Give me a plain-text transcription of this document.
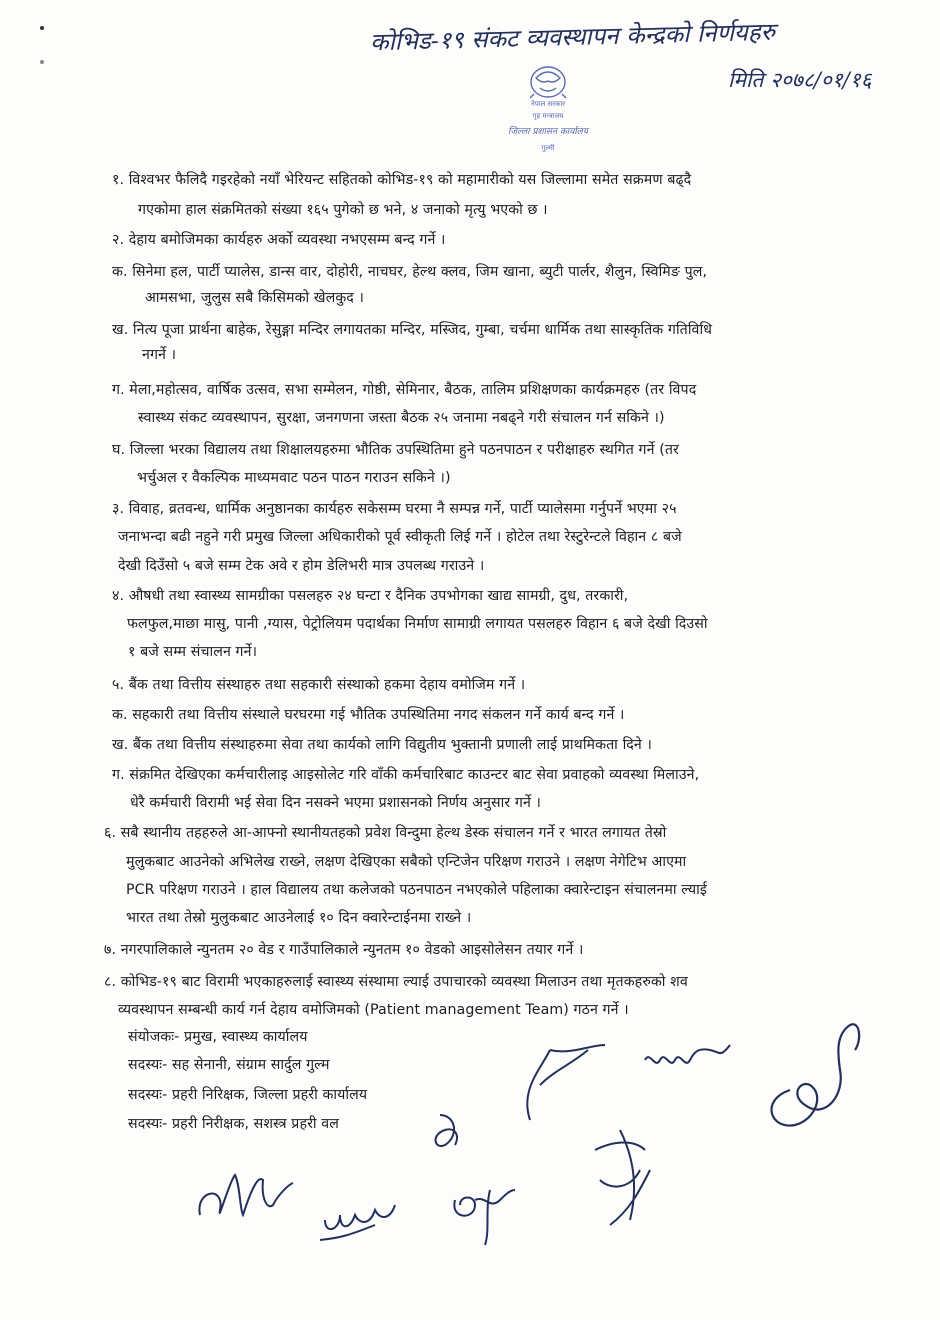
कोभिड-१९ संकट व्यवस्थापन केन्द्रको निर्णयहरु
मिति २०७८/०१/१६
नेपाल सरकार
गृह मन्त्रालय
जिल्ला प्रशासन कार्यालय
गुल्मी
१. विश्वभर फैलिदै गइरहेको नयाँ भेरियन्ट सहितको कोभिड-१९ को महामारीको यस जिल्लामा समेत सक्रमण बढ्दै
गएकोमा हाल संक्रमितको संख्या १६५ पुगेको छ भने, ४ जनाको मृत्यु भएको छ ।
२. देहाय बमोजिमका कार्यहरु अर्को व्यवस्था नभएसम्म बन्द गर्ने ।
क. सिनेमा हल, पार्टी प्यालेस, डान्स वार, दोहोरी, नाचघर, हेल्थ क्लव, जिम खाना, ब्युटी पार्लर, शैलुन, स्विमिङ पुल,
आमसभा, जुलुस सबै किसिमको खेलकुद ।
ख. नित्य पूजा प्रार्थना बाहेक, रेसुङ्गा मन्दिर लगायतका मन्दिर, मस्जिद, गुम्बा, चर्चमा धार्मिक तथा सास्कृतिक गतिविधि
नगर्ने ।
ग. मेला,महोत्सव, वार्षिक उत्सव, सभा सम्मेलन, गोष्ठी, सेमिनार, बैठक, तालिम प्रशिक्षणका कार्यक्रमहरु (तर विपद
स्वास्थ्य संकट व्यवस्थापन, सुरक्षा, जनगणना जस्ता बैठक २५ जनामा नबढ्ने गरी संचालन गर्न सकिने ।)
घ. जिल्ला भरका विद्यालय तथा शिक्षालयहरुमा भौतिक उपस्थितिमा हुने पठनपाठन र परीक्षाहरु स्थगित गर्ने (तर
भर्चुअल र वैकल्पिक माध्यमवाट पठन पाठन गराउन सकिने ।)
३. विवाह, व्रतवन्ध, धार्मिक अनुष्ठानका कार्यहरु सकेसम्म घरमा नै सम्पन्न गर्ने, पार्टी प्यालेसमा गर्नुपर्ने भएमा २५
जनाभन्दा बढी नहुने गरी प्रमुख जिल्ला अधिकारीको पूर्व स्वीकृती लिई गर्ने । होटेल तथा रेस्टुरेन्टले विहान ८ बजे
देखी दिउँसो ५ बजे सम्म टेक अवे र होम डेलिभरी मात्र उपलब्ध गराउने ।
४. औषधी तथा स्वास्थ्य सामग्रीका पसलहरु २४ घन्टा र दैनिक उपभोगका खाद्य सामग्री, दुध, तरकारी,
फलफुल,माछा मासु, पानी ,ग्यास, पेट्रोलियम पदार्थका निर्माण सामाग्री लगायत पसलहरु विहान ६ बजे देखी दिउसो
१ बजे सम्म संचालन गर्ने।
५. बैंक तथा वित्तीय संस्थाहरु तथा सहकारी संस्थाको हकमा देहाय वमोजिम गर्ने ।
क. सहकारी तथा वित्तीय संस्थाले घरघरमा गई भौतिक उपस्थितिमा नगद संकलन गर्ने कार्य बन्द गर्ने ।
ख. बैंक तथा वित्तीय संस्थाहरुमा सेवा तथा कार्यको लागि विद्युतीय भुक्तानी प्रणाली लाई प्राथमिकता दिने ।
ग. संक्रमित देखिएका कर्मचारीलाइ आइसोलेट गरि वाँकी कर्मचारिबाट काउन्टर बाट सेवा प्रवाहको व्यवस्था मिलाउने,
धेरै कर्मचारी विरामी भई सेवा दिन नसक्ने भएमा प्रशासनको निर्णय अनुसार गर्ने ।
६. सबै स्थानीय तहहरुले आ-आफ्नो स्थानीयतहको प्रवेश विन्दुमा हेल्थ डेस्क संचालन गर्ने र भारत लगायत तेस्रो
मुलुकबाट आउनेको अभिलेख राख्ने, लक्षण देखिएका सबैको एन्टिजेन परिक्षण गराउने । लक्षण नेगेटिभ आएमा
PCR परिक्षण गराउने । हाल विद्यालय तथा कलेजको पठनपाठन नभएकोले पहिलाका क्वारेन्टाइन संचालनमा ल्याई
भारत तथा तेस्रो मुलुकबाट आउनेलाई १० दिन क्वारेन्टाईनमा राख्ने ।
७. नगरपालिकाले न्युनतम २० वेड र गाउँपालिकाले न्युनतम १० वेडको आइसोलेसन तयार गर्ने ।
८. कोभिड-१९ बाट विरामी भएकाहरुलाई स्वास्थ्य संस्थामा ल्याई उपाचारको व्यवस्था मिलाउन तथा मृतकहरुको शव
व्यवस्थापन सम्बन्धी कार्य गर्न देहाय वमोजिमको (Patient management Team) गठन गर्ने ।
संयोजकः- प्रमुख, स्वास्थ्य कार्यालय
सदस्यः- सह सेनानी, संग्राम सार्दुल गुल्म
सदस्यः- प्रहरी निरिक्षक, जिल्ला प्रहरी कार्यालय
सदस्यः- प्रहरी निरीक्षक, सशस्त्र प्रहरी वल
